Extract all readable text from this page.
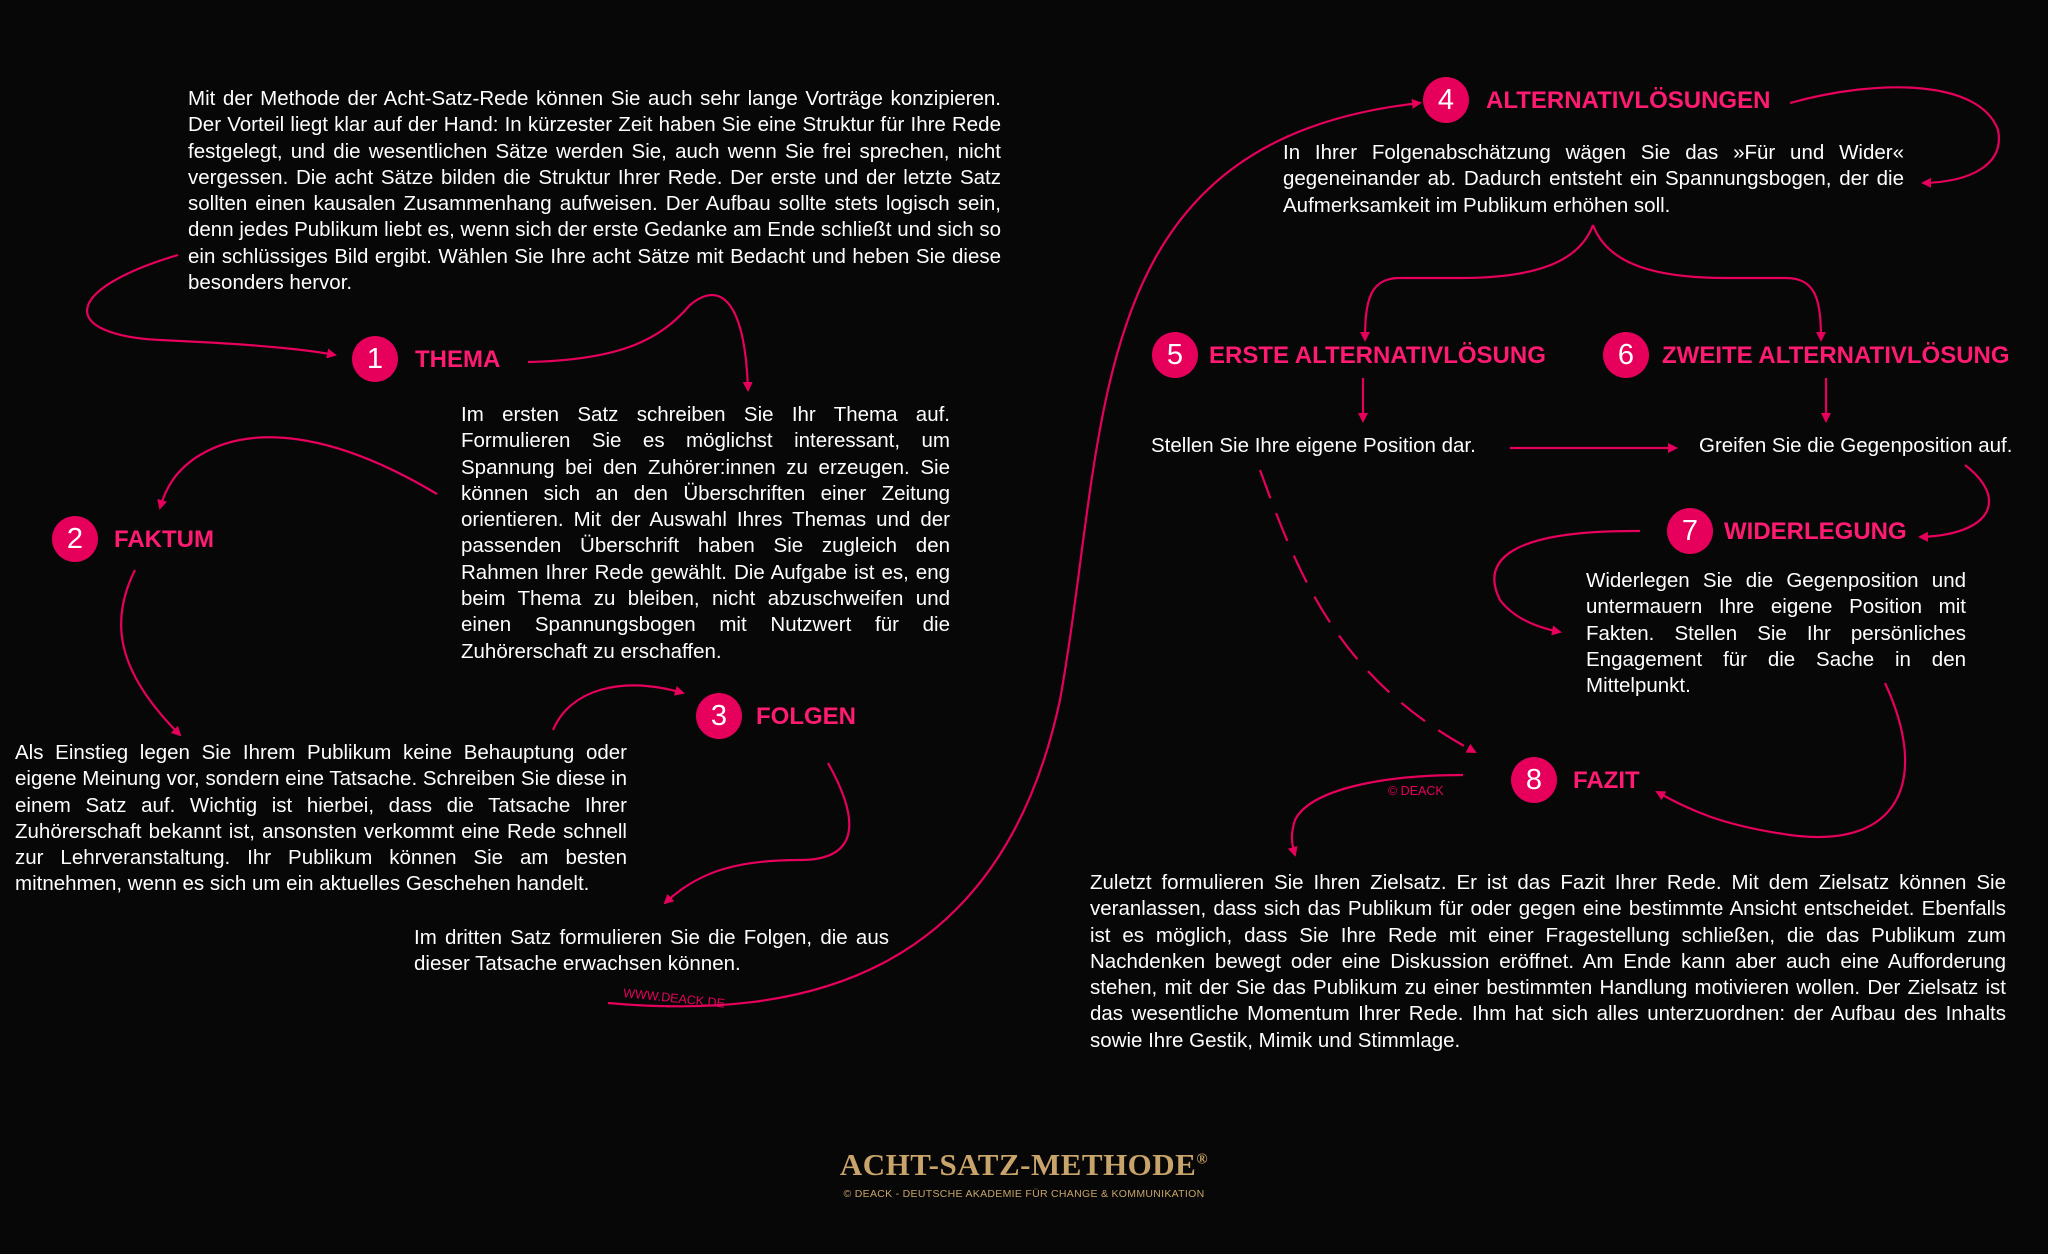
Mit der Methode der Acht-Satz-Rede können Sie auch sehr lange Vorträge konzipieren. Der Vorteil liegt klar auf der Hand: In kürzester Zeit haben Sie eine Struktur für Ihre Rede festgelegt, und die wesentlichen Sätze werden Sie, auch wenn Sie frei sprechen, nicht vergessen. Die acht Sätze bilden die Struktur Ihrer Rede. Der erste und der letzte Satz sollten einen kausalen Zusammenhang aufweisen. Der Aufbau sollte stets logisch sein, denn jedes Publikum liebt es, wenn sich der erste Gedanke am Ende schließt und sich so ein schlüssiges Bild ergibt. Wählen Sie Ihre acht Sätze mit Bedacht und heben Sie diese besonders hervor.
1	THEMA
Im ersten Satz schreiben Sie Ihr Thema auf. Formulieren Sie es möglichst interessant, um Spannung bei den Zuhörer:innen zu erzeugen. Sie können sich an den Überschriften einer Zeitung orientieren. Mit der Auswahl Ihres Themas und der passenden Überschrift haben Sie zugleich den Rahmen Ihrer Rede gewählt. Die Aufgabe ist es, eng beim Thema zu bleiben, nicht abzuschweifen und einen Spannungsbogen mit Nutzwert für die Zuhörerschaft zu erschaffen.
2	FAKTUM
Als Einstieg legen Sie Ihrem Publikum keine Behauptung oder eigene Meinung vor, sondern eine Tatsache. Schreiben Sie diese in einem Satz auf. Wichtig ist hierbei, dass die Tatsache Ihrer Zuhörerschaft bekannt ist, ansonsten verkommt eine Rede schnell zur Lehrveranstaltung. Ihr Publikum können Sie am besten mitnehmen, wenn es sich um ein aktuelles Geschehen handelt.
3	FOLGEN
Im dritten Satz formulieren Sie die Folgen, die aus dieser Tatsache erwachsen können.
WWW.DEACK.DE
4	ALTERNATIVLÖSUNGEN
In Ihrer Folgenabschätzung wägen Sie das »Für und Wider« gegeneinander ab. Dadurch entsteht ein Spannungsbogen, der die Aufmerksamkeit im Publikum erhöhen soll.
5	ERSTE ALTERNATIVLÖSUNG
Stellen Sie Ihre eigene Position dar.
6	ZWEITE ALTERNATIVLÖSUNG
Greifen Sie die Gegenposition auf.
7	WIDERLEGUNG
Widerlegen Sie die Gegenposition und untermauern Ihre eigene Position mit Fakten. Stellen Sie Ihr persönliches Engagement für die Sache in den Mittelpunkt.
8	FAZIT
© DEACK
Zuletzt formulieren Sie Ihren Zielsatz. Er ist das Fazit Ihrer Rede. Mit dem Zielsatz können Sie veranlassen, dass sich das Publikum für oder gegen eine bestimmte Ansicht entscheidet. Ebenfalls ist es möglich, dass Sie Ihre Rede mit einer Fragestellung schließen, die das Publikum zum Nachdenken bewegt oder eine Diskussion eröffnet. Am Ende kann aber auch eine Aufforderung stehen, mit der Sie das Publikum zu einer bestimmten Handlung motivieren wollen. Der Zielsatz ist das wesentliche Momentum Ihrer Rede. Ihm hat sich alles unterzuordnen: der Aufbau des Inhalts sowie Ihre Gestik, Mimik und Stimmlage.
ACHT-SATZ-METHODE®
© DEACK - DEUTSCHE AKADEMIE FÜR CHANGE & KOMMUNIKATION
